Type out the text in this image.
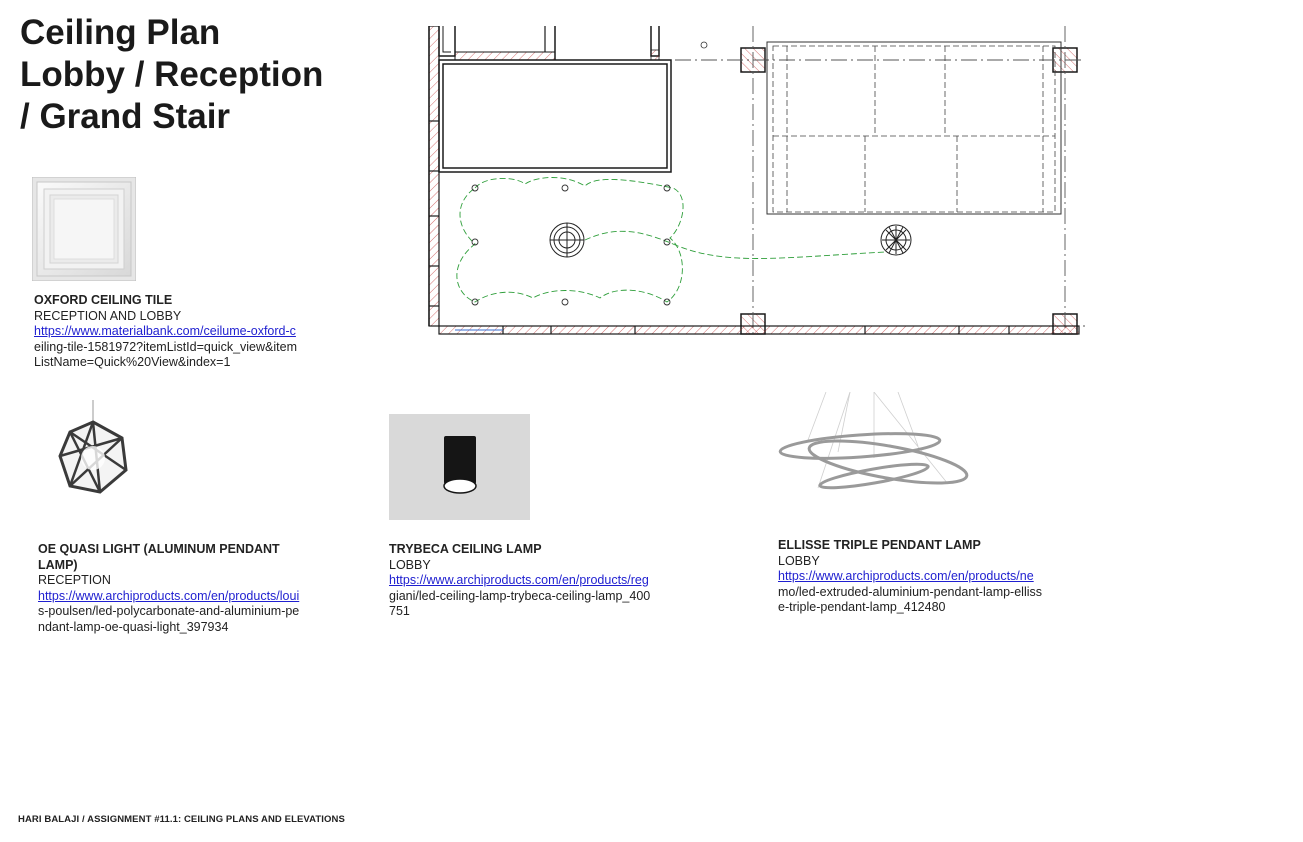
Ceiling Plan
Lobby / Reception
/ Grand Stair
OXFORD CEILING TILE
RECEPTION AND LOBBY
https://www.materialbank.com/ceilume-oxford-c
eiling-tile-1581972?itemListId=quick_view&item
ListName=Quick%20View&index=1
OE QUASI LIGHT (ALUMINUM PENDANT
LAMP)
RECEPTION
https://www.archiproducts.com/en/products/loui
s-poulsen/led-polycarbonate-and-aluminium-pe
ndant-lamp-oe-quasi-light_397934
TRYBECA CEILING LAMP
LOBBY
https://www.archiproducts.com/en/products/reg
giani/led-ceiling-lamp-trybeca-ceiling-lamp_400
751
ELLISSE TRIPLE PENDANT LAMP
LOBBY
https://www.archiproducts.com/en/products/ne
mo/led-extruded-aluminium-pendant-lamp-elliss
e-triple-pendant-lamp_412480
HARI BALAJI / ASSIGNMENT #11.1: CEILING PLANS AND ELEVATIONS
